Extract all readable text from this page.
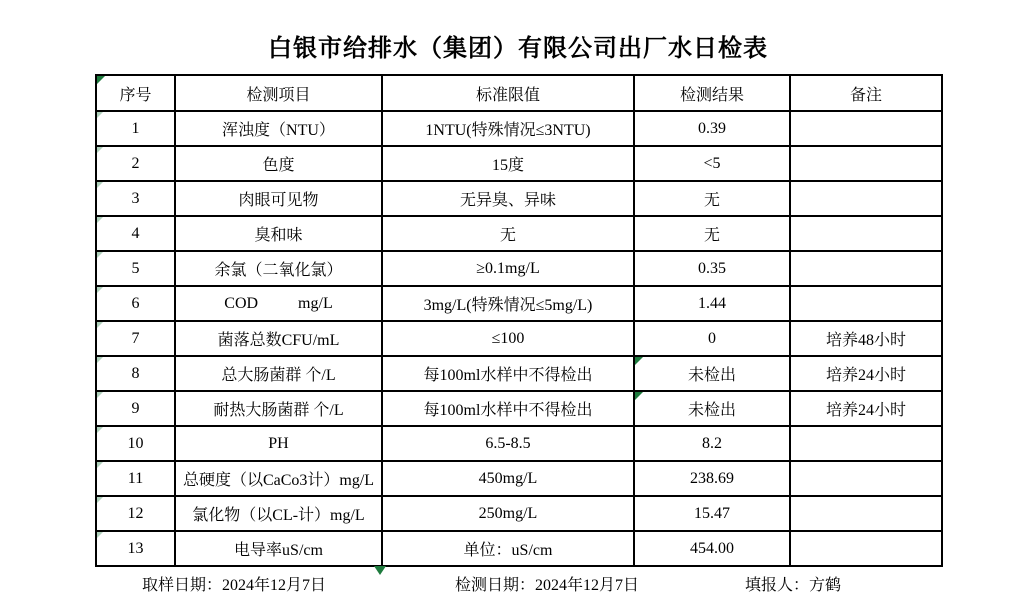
白银市给排水（集团）有限公司出厂水日检表
序号	检测项目	标准限值	检测结果	备注

1	浑浊度（NTU）	1NTU(特殊情况≤3NTU)	0.39	

2	色度	15度	<5	

3	肉眼可见物	无异臭、异味	无	

4	臭和味	无	无	

5	余氯（二氧化氯）	≥0.1mg/L	0.35	

6	COD          mg/L	3mg/L(特殊情况≤5mg/L)	1.44	

7	菌落总数CFU/mL	≤100	0	培养48小时

8	总大肠菌群 个/L	每100ml水样中不得检出	未检出	培养24小时

9	耐热大肠菌群 个/L	每100ml水样中不得检出	未检出	培养24小时

10	PH	6.5-8.5	8.2	

11	总硬度（以CaCo3计）mg/L	450mg/L	238.69	

12	氯化物（以CL-计）mg/L	250mg/L	15.47	

13	电导率uS/cm	单位：uS/cm	454.00	
取样日期：2024年12月7日	检测日期：2024年12月7日	填报人：方鹤
